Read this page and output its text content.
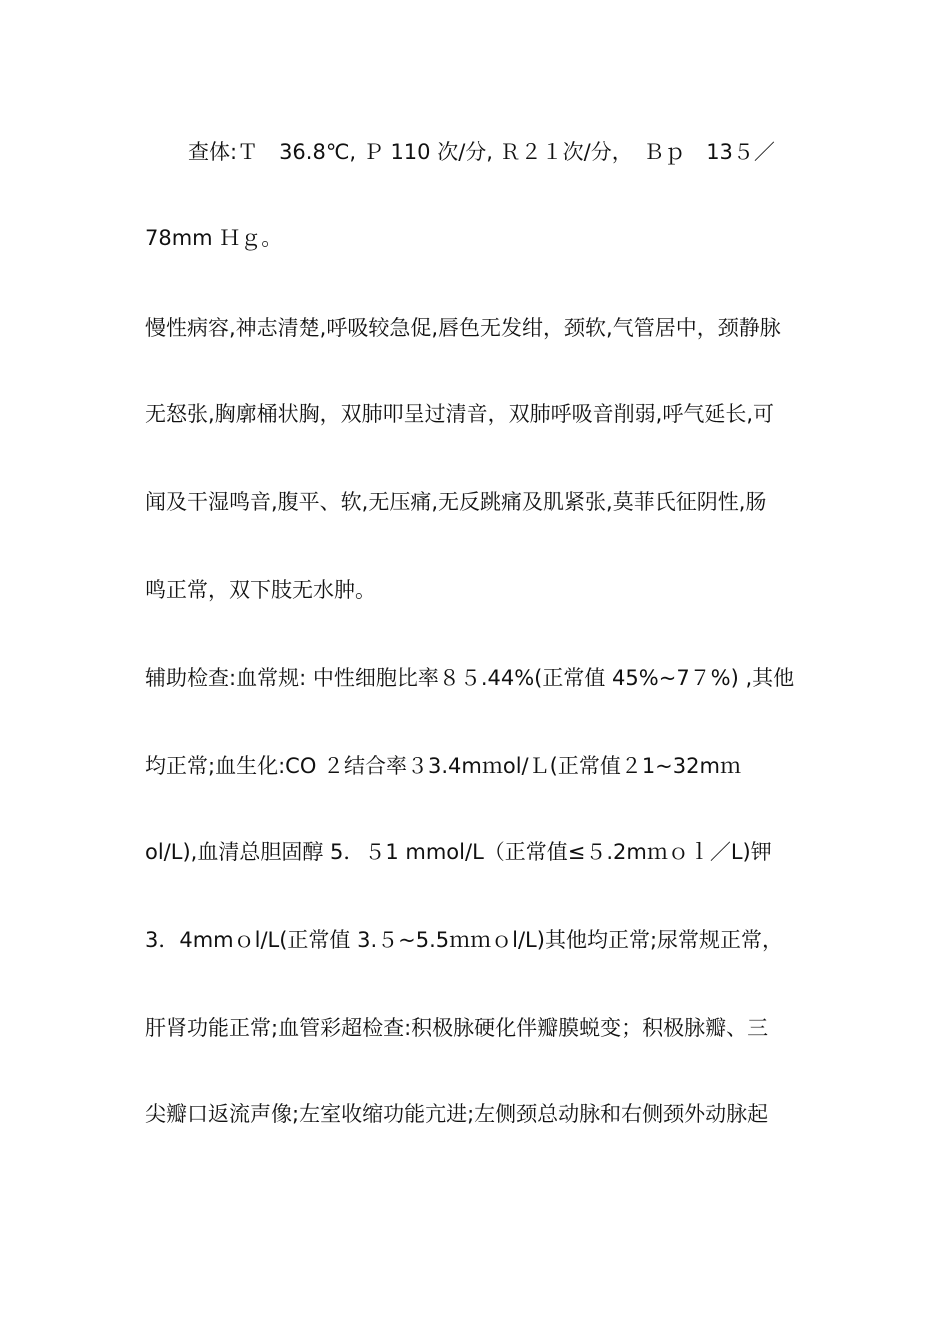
查体:Ｔ　36.8℃, Ｐ 110 次/分, Ｒ２１次/分，　Ｂｐ　13５／
78mm Ｈｇ。
慢性病容,神志清楚,呼吸较急促,唇色无发绀，颈软,气管居中，颈静脉
无怒张,胸廓桶状胸，双肺叩呈过清音，双肺呼吸音削弱,呼气延长,可
闻及干湿鸣音,腹平、软,无压痛,无反跳痛及肌紧张,莫菲氏征阴性,肠
鸣正常，双下肢无水肿。
辅助检查:血常规: 中性细胞比率８５.44%(正常值 45%~7７%) ,其他
均正常;血生化:CO ２结合率３3.4mｍol/Ｌ(正常值２1~32mｍ
ol/L),血清总胆固醇 5．５1 mmol/L（正常值≤５.2mｍｏｌ／L)钾
3．4mmｏl/L(正常值 3.５~5.5ｍｍｏl/L)其他均正常;尿常规正常，
肝肾功能正常;血管彩超检查:积极脉硬化伴瓣膜蜕变；积极脉瓣、三
尖瓣口返流声像;左室收缩功能亢进;左侧颈总动脉和右侧颈外动脉起
